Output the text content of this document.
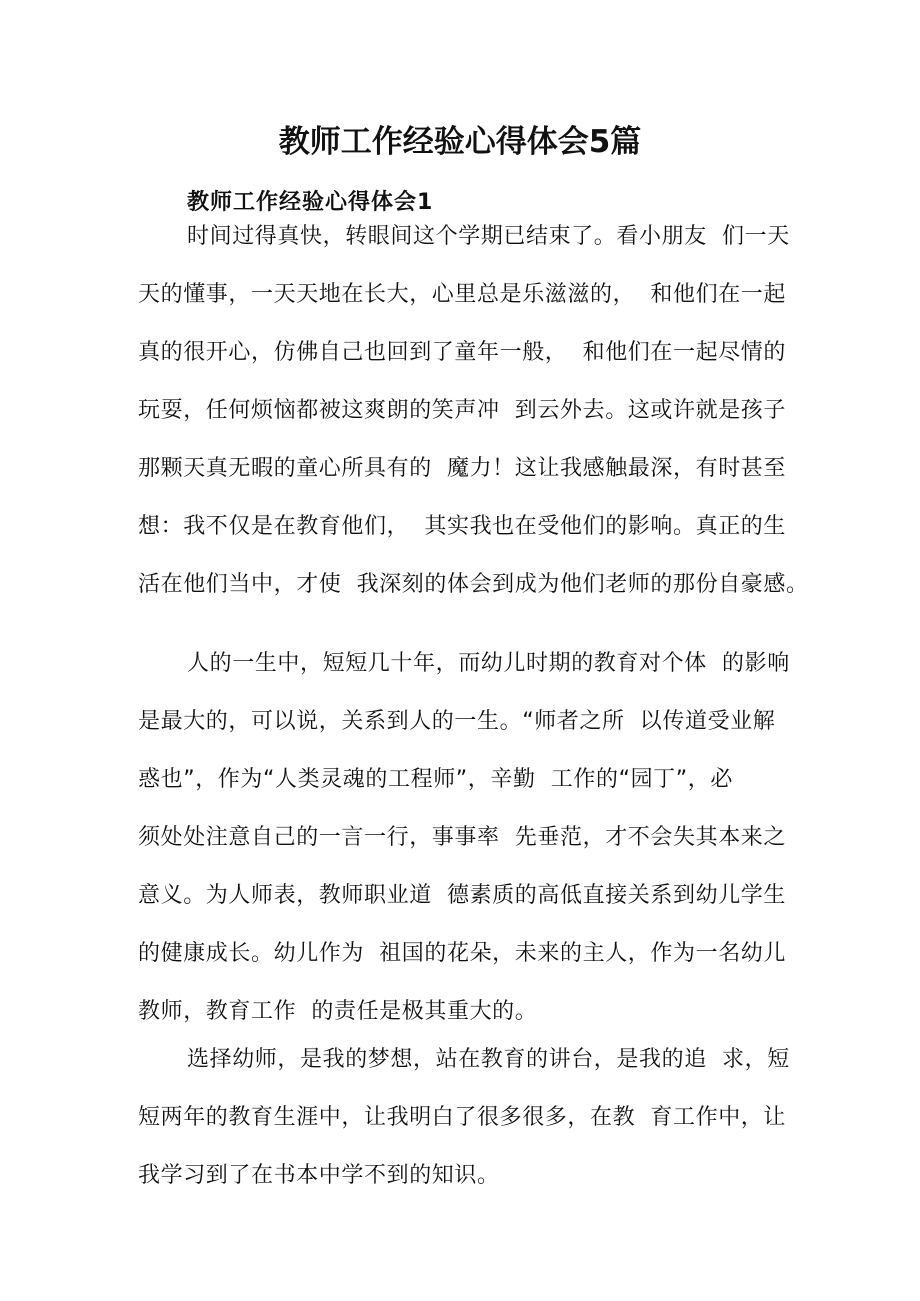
教师工作经验心得体会5篇
教师工作经验心得体会1
时间过得真快，转眼间这个学期已结束了。看小朋友  们一天
天的懂事，一天天地在长大，心里总是乐滋滋的，  和他们在一起
真的很开心，仿佛自己也回到了童年一般，  和他们在一起尽情的
玩耍，任何烦恼都被这爽朗的笑声冲  到云外去。这或许就是孩子
那颗天真无暇的童心所具有的  魔力！这让我感触最深，有时甚至
想：我不仅是在教育他们，  其实我也在受他们的影响。真正的生
活在他们当中，才使  我深刻的体会到成为他们老师的那份自豪感。
人的一生中，短短几十年，而幼儿时期的教育对个体  的影响
是最大的，可以说，关系到人的一生。“师者之所  以传道受业解
惑也”，作为“人类灵魂的工程师”，辛勤  工作的“园丁”，必
须处处注意自己的一言一行，事事率  先垂范，才不会失其本来之
意义。为人师表，教师职业道  德素质的高低直接关系到幼儿学生
的健康成长。幼儿作为  祖国的花朵，未来的主人，作为一名幼儿
教师，教育工作  的责任是极其重大的。
选择幼师，是我的梦想，站在教育的讲台，是我的追  求，短
短两年的教育生涯中，让我明白了很多很多，在教  育工作中，让
我学习到了在书本中学不到的知识。
